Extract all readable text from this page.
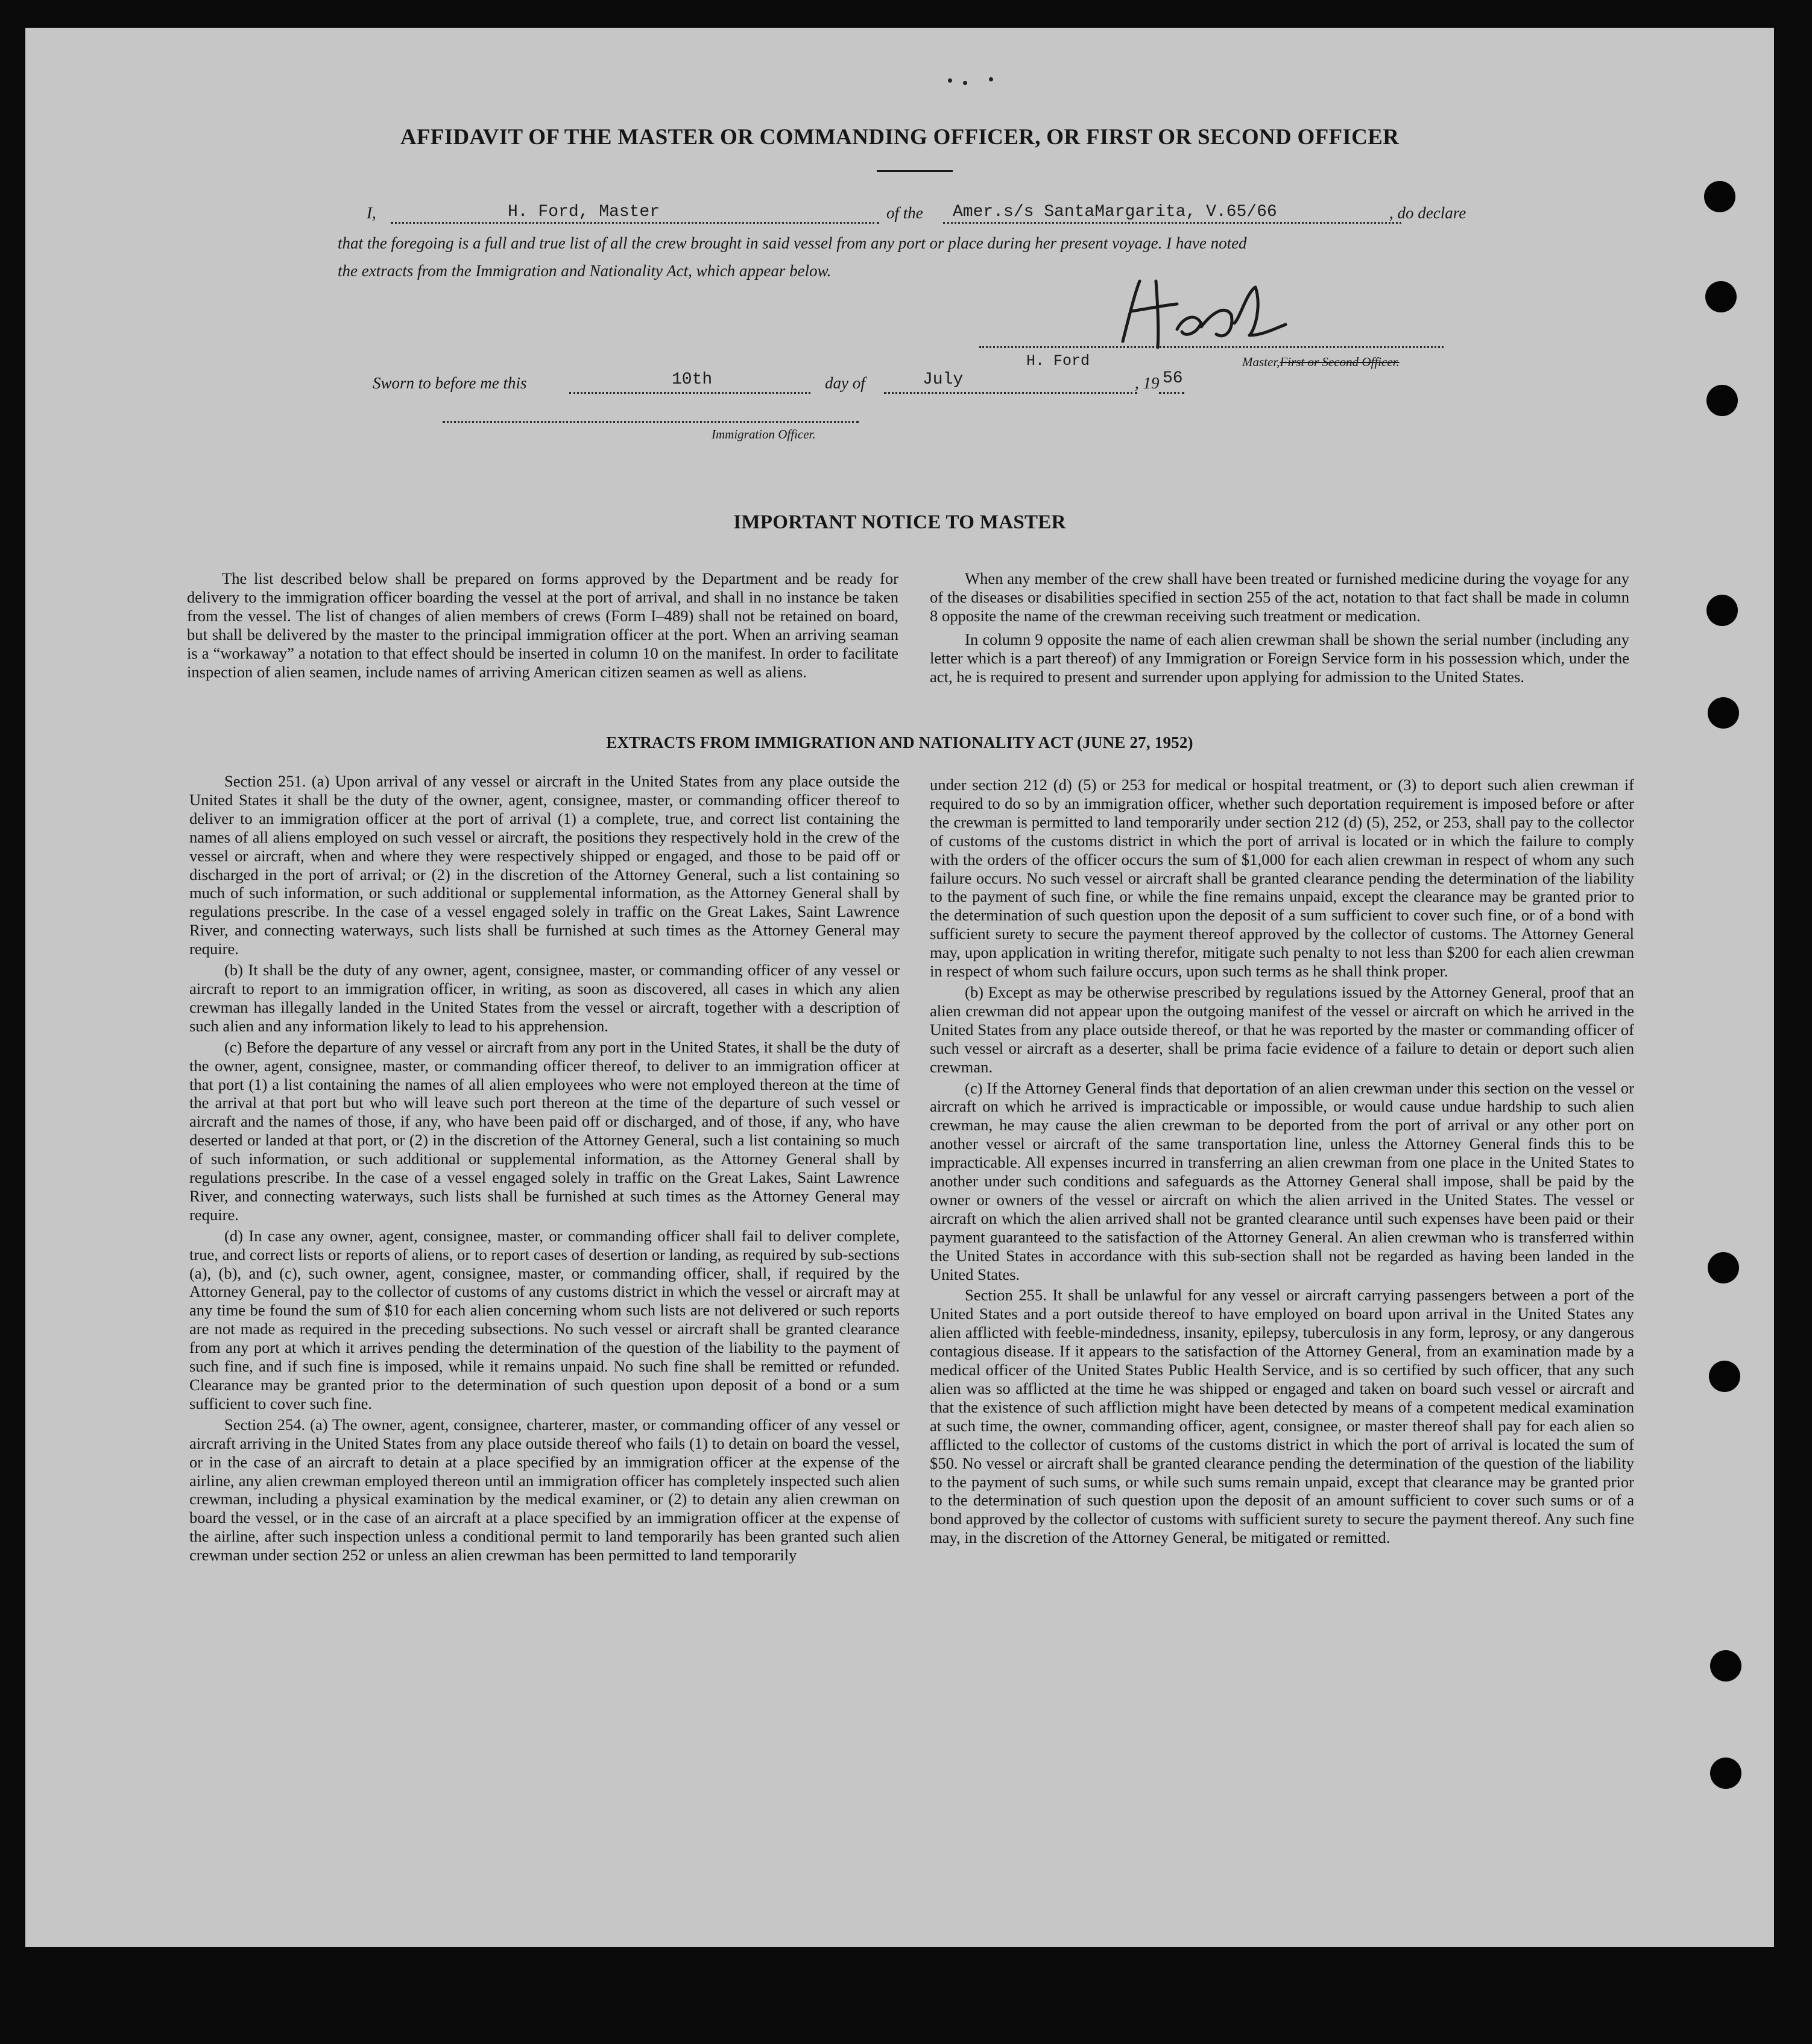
AFFIDAVIT OF THE MASTER OR COMMANDING OFFICER, OR FIRST OR SECOND OFFICER
I,	H. Ford, Master	of the Amer.s/s SantaMargarita, V.65/66	, do declare
that the foregoing is a full and true list of all the crew brought in said vessel from any port or place during her present voyage. I have noted
the extracts from the Immigration and Nationality Act, which appear below.
H. Ford	Master,First or Second Officer.
Sworn to before me this	10th	day of	July	, 19 56
Immigration Officer.
IMPORTANT NOTICE TO MASTER

The list described below shall be prepared on forms approved by the Department and be ready for delivery to the immigration officer boarding the vessel at the port of arrival, and shall in no instance be taken from the vessel. The list of changes of alien members of crews (Form I–489) shall not be retained on board, but shall be delivered by the master to the principal immigration officer at the port. When an arriving seaman is a “workaway” a notation to that effect should be inserted in column 10 on the manifest. In order to facilitate inspection of alien seamen, include names of arriving American citizen seamen as well as aliens.

When any member of the crew shall have been treated or furnished medicine during the voyage for any of the diseases or disabilities specified in section 255 of the act, notation to that fact shall be made in column 8 opposite the name of the crewman receiving such treatment or medication.

In column 9 opposite the name of each alien crewman shall be shown the serial number (including any letter which is a part thereof) of any Immigration or Foreign Service form in his possession which, under the act, he is required to present and surrender upon applying for admission to the United States.

EXTRACTS FROM IMMIGRATION AND NATIONALITY ACT (JUNE 27, 1952)

Section 251. (a) Upon arrival of any vessel or aircraft in the United States from any place outside the United States it shall be the duty of the owner, agent, consignee, master, or commanding officer thereof to deliver to an immigration officer at the port of arrival (1) a complete, true, and correct list containing the names of all aliens employed on such vessel or aircraft, the positions they respectively hold in the crew of the vessel or aircraft, when and where they were respectively shipped or engaged, and those to be paid off or discharged in the port of arrival; or (2) in the discretion of the Attorney General, such a list containing so much of such information, or such additional or supplemental information, as the Attorney General shall by regulations prescribe. In the case of a vessel engaged solely in traffic on the Great Lakes, Saint Lawrence River, and connecting waterways, such lists shall be furnished at such times as the Attorney General may require.

(b) It shall be the duty of any owner, agent, consignee, master, or commanding officer of any vessel or aircraft to report to an immigration officer, in writing, as soon as discovered, all cases in which any alien crewman has illegally landed in the United States from the vessel or aircraft, together with a description of such alien and any information likely to lead to his apprehension.

(c) Before the departure of any vessel or aircraft from any port in the United States, it shall be the duty of the owner, agent, consignee, master, or commanding officer thereof, to deliver to an immigration officer at that port (1) a list containing the names of all alien employees who were not employed thereon at the time of the arrival at that port but who will leave such port thereon at the time of the departure of such vessel or aircraft and the names of those, if any, who have been paid off or discharged, and of those, if any, who have deserted or landed at that port, or (2) in the discretion of the Attorney General, such a list containing so much of such information, or such additional or supplemental information, as the Attorney General shall by regulations prescribe. In the case of a vessel engaged solely in traffic on the Great Lakes, Saint Lawrence River, and connecting waterways, such lists shall be furnished at such times as the Attorney General may require.

(d) In case any owner, agent, consignee, master, or commanding officer shall fail to deliver complete, true, and correct lists or reports of aliens, or to report cases of desertion or landing, as required by sub-sections (a), (b), and (c), such owner, agent, consignee, master, or commanding officer, shall, if required by the Attorney General, pay to the collector of customs of any customs district in which the vessel or aircraft may at any time be found the sum of $10 for each alien concerning whom such lists are not delivered or such reports are not made as required in the preceding subsections. No such vessel or aircraft shall be granted clearance from any port at which it arrives pending the determination of the question of the liability to the payment of such fine, and if such fine is imposed, while it remains unpaid. No such fine shall be remitted or refunded. Clearance may be granted prior to the determination of such question upon deposit of a bond or a sum sufficient to cover such fine.

Section 254. (a) The owner, agent, consignee, charterer, master, or commanding officer of any vessel or aircraft arriving in the United States from any place outside thereof who fails (1) to detain on board the vessel, or in the case of an aircraft to detain at a place specified by an immigration officer at the expense of the airline, any alien crewman employed thereon until an immigration officer has completely inspected such alien crewman, including a physical examination by the medical examiner, or (2) to detain any alien crewman on board the vessel, or in the case of an aircraft at a place specified by an immigration officer at the expense of the airline, after such inspection unless a conditional permit to land temporarily has been granted such alien crewman under section 252 or unless an alien crewman has been permitted to land temporarily

under section 212 (d) (5) or 253 for medical or hospital treatment, or (3) to deport such alien crewman if required to do so by an immigration officer, whether such deportation requirement is imposed before or after the crewman is permitted to land temporarily under section 212 (d) (5), 252, or 253, shall pay to the collector of customs of the customs district in which the port of arrival is located or in which the failure to comply with the orders of the officer occurs the sum of $1,000 for each alien crewman in respect of whom any such failure occurs. No such vessel or aircraft shall be granted clearance pending the determination of the liability to the payment of such fine, or while the fine remains unpaid, except the clearance may be granted prior to the determination of such question upon the deposit of a sum sufficient to cover such fine, or of a bond with sufficient surety to secure the payment thereof approved by the collector of customs. The Attorney General may, upon application in writing therefor, mitigate such penalty to not less than $200 for each alien crewman in respect of whom such failure occurs, upon such terms as he shall think proper.

(b) Except as may be otherwise prescribed by regulations issued by the Attorney General, proof that an alien crewman did not appear upon the outgoing manifest of the vessel or aircraft on which he arrived in the United States from any place outside thereof, or that he was reported by the master or commanding officer of such vessel or aircraft as a deserter, shall be prima facie evidence of a failure to detain or deport such alien crewman.

(c) If the Attorney General finds that deportation of an alien crewman under this section on the vessel or aircraft on which he arrived is impracticable or impossible, or would cause undue hardship to such alien crewman, he may cause the alien crewman to be deported from the port of arrival or any other port on another vessel or aircraft of the same transportation line, unless the Attorney General finds this to be impracticable. All expenses incurred in transferring an alien crewman from one place in the United States to another under such conditions and safeguards as the Attorney General shall impose, shall be paid by the owner or owners of the vessel or aircraft on which the alien arrived in the United States. The vessel or aircraft on which the alien arrived shall not be granted clearance until such expenses have been paid or their payment guaranteed to the satisfaction of the Attorney General. An alien crewman who is transferred within the United States in accordance with this sub-section shall not be regarded as having been landed in the United States.

Section 255. It shall be unlawful for any vessel or aircraft carrying passengers between a port of the United States and a port outside thereof to have employed on board upon arrival in the United States any alien afflicted with feeble-mindedness, insanity, epilepsy, tuberculosis in any form, leprosy, or any dangerous contagious disease. If it appears to the satisfaction of the Attorney General, from an examination made by a medical officer of the United States Public Health Service, and is so certified by such officer, that any such alien was so afflicted at the time he was shipped or engaged and taken on board such vessel or aircraft and that the existence of such affliction might have been detected by means of a competent medical examination at such time, the owner, commanding officer, agent, consignee, or master thereof shall pay for each alien so afflicted to the collector of customs of the customs district in which the port of arrival is located the sum of $50. No vessel or aircraft shall be granted clearance pending the determination of the question of the liability to the payment of such sums, or while such sums remain unpaid, except that clearance may be granted prior to the determination of such question upon the deposit of an amount sufficient to cover such sums or of a bond approved by the collector of customs with sufficient surety to secure the payment thereof. Any such fine may, in the discretion of the Attorney General, be mitigated or remitted.
